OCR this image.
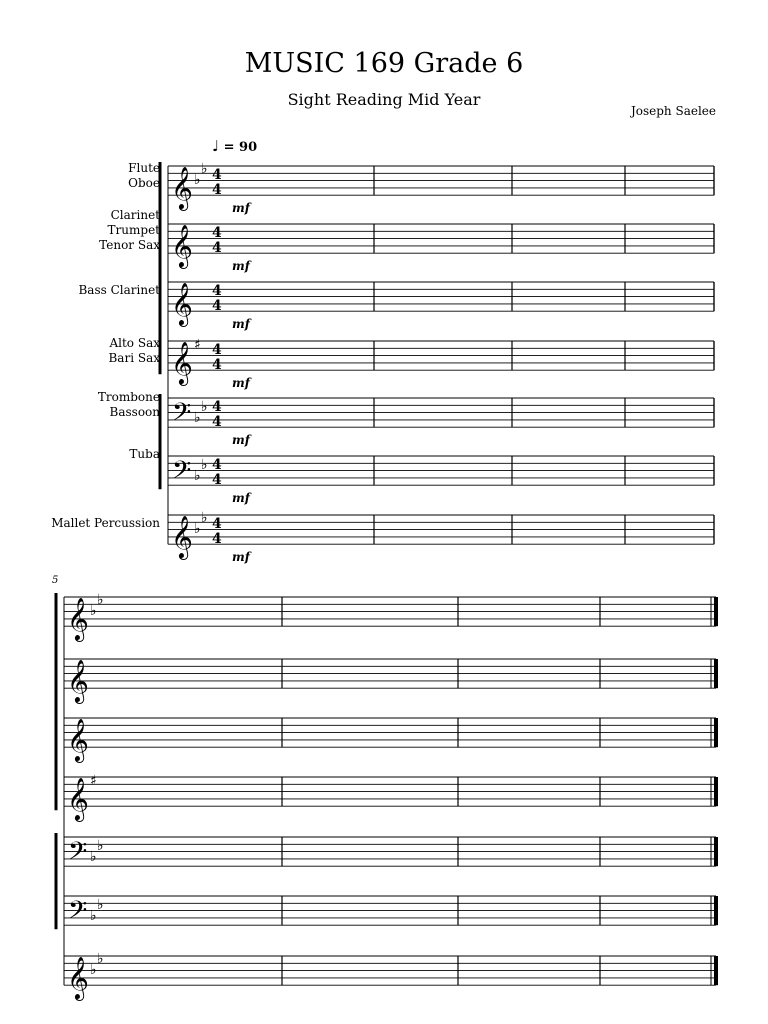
MUSIC 169 Grade 6
Sight Reading Mid Year
Joseph Saelee
♩ = 90
Flute
Oboe
Clarinet
Trumpet
Tenor Sax
Bass Clarinet
Alto Sax
Bari Sax
Trombone
Bassoon
Tuba
Mallet Percussion
5
𝄞 ♭
♭ 4
4
𝄞 4
4
𝄞 4
4
𝄞 ♯ 4
4
𝄢 ♭
♭ 4
4
𝄢 ♭
♭ 4
4
𝄞 ♭
♭ 4
4
𝄞 ♭
♭
𝄞
𝄞
𝄞 ♯
𝄢 ♭
♭
𝄢 ♭
♭
𝄞 ♭
♭
mf
mf
mf
mf
mf
mf
mf
